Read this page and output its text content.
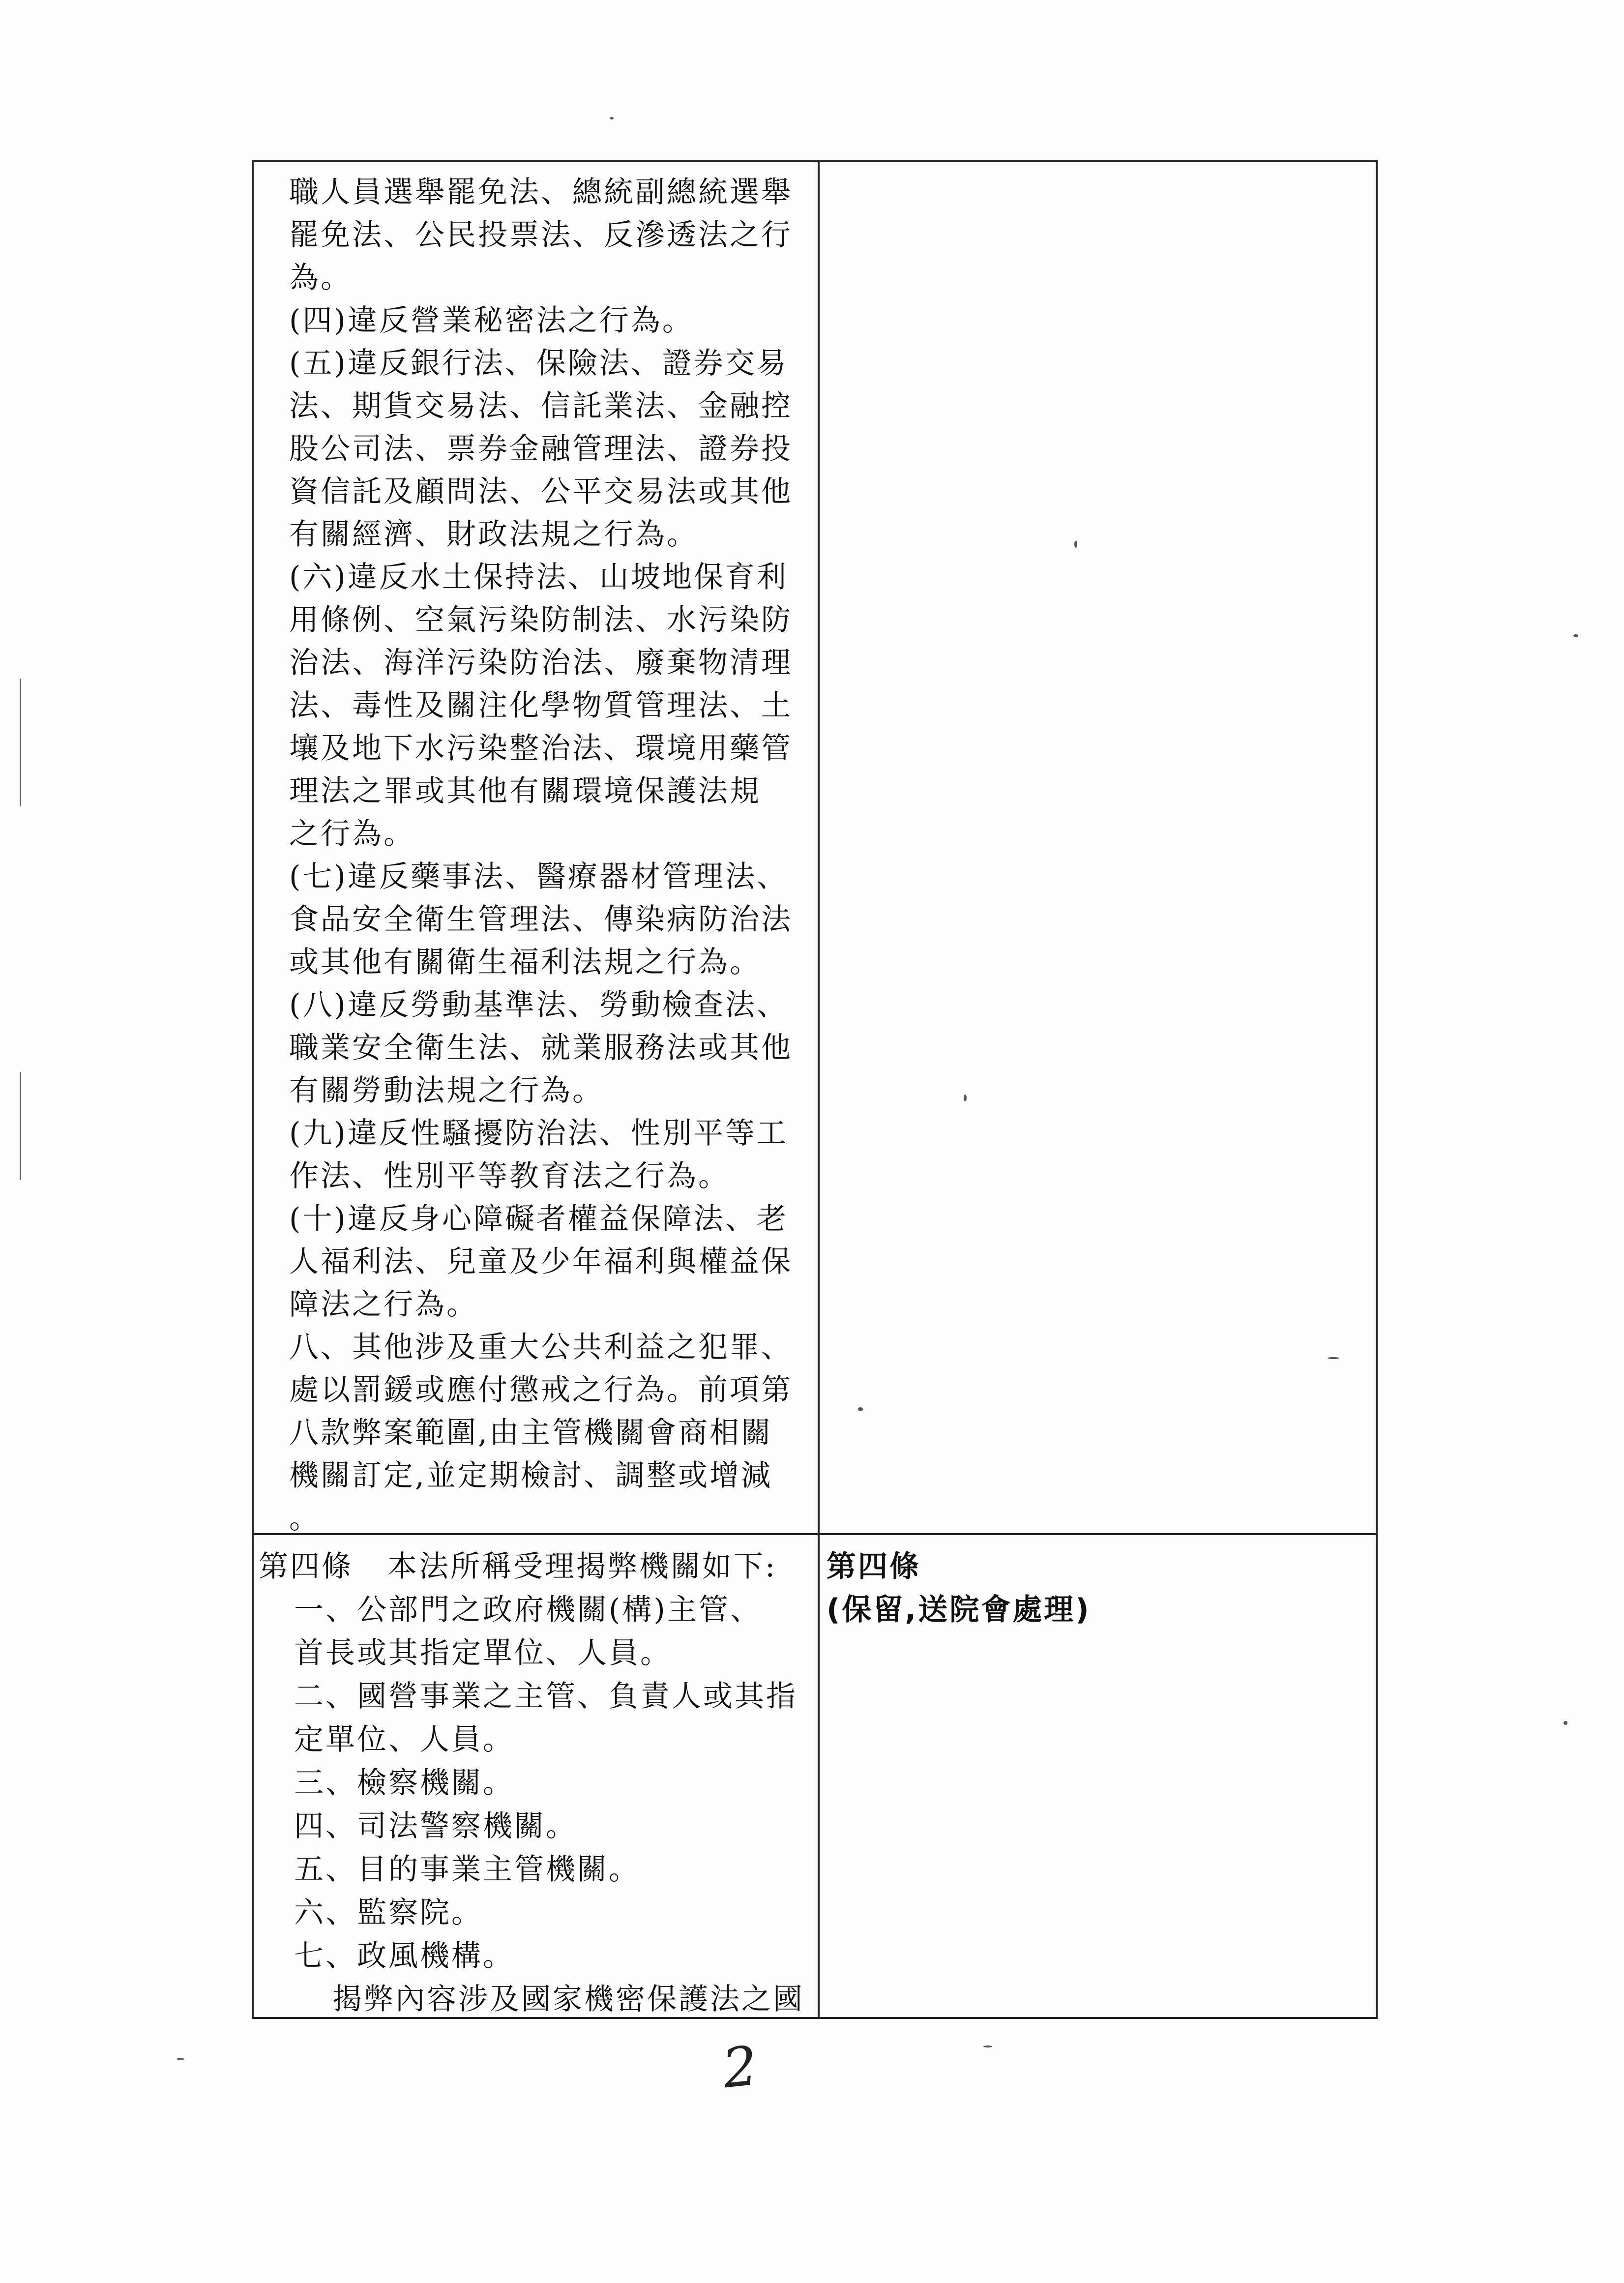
職人員選舉罷免法、總統副總統選舉
罷免法、公民投票法、反滲透法之行
為。
(四)違反營業秘密法之行為。
(五)違反銀行法、保險法、證券交易
法、期貨交易法、信託業法、金融控
股公司法、票券金融管理法、證券投
資信託及顧問法、公平交易法或其他
有關經濟、財政法規之行為。
(六)違反水土保持法、山坡地保育利
用條例、空氣污染防制法、水污染防
治法、海洋污染防治法、廢棄物清理
法、毒性及關注化學物質管理法、土
壤及地下水污染整治法、環境用藥管
理法之罪或其他有關環境保護法規
之行為。
(七)違反藥事法、醫療器材管理法、
食品安全衛生管理法、傳染病防治法
或其他有關衛生福利法規之行為。
(八)違反勞動基準法、勞動檢查法、
職業安全衛生法、就業服務法或其他
有關勞動法規之行為。
(九)違反性騷擾防治法、性別平等工
作法、性別平等教育法之行為。
(十)違反身心障礙者權益保障法、老
人福利法、兒童及少年福利與權益保
障法之行為。
八、其他涉及重大公共利益之犯罪、
處以罰鍰或應付懲戒之行為。前項第
八款弊案範圍,由主管機關會商相關
機關訂定,並定期檢討、調整或增減
。
第四條 本法所稱受理揭弊機關如下:
一、公部門之政府機關(構)主管、
首長或其指定單位、人員。
二、國營事業之主管、負責人或其指
定單位、人員。
三、檢察機關。
四、司法警察機關。
五、目的事業主管機關。
六、監察院。
七、政風機構。
揭弊內容涉及國家機密保護法之國
第四條
(保留,送院會處理)
2
